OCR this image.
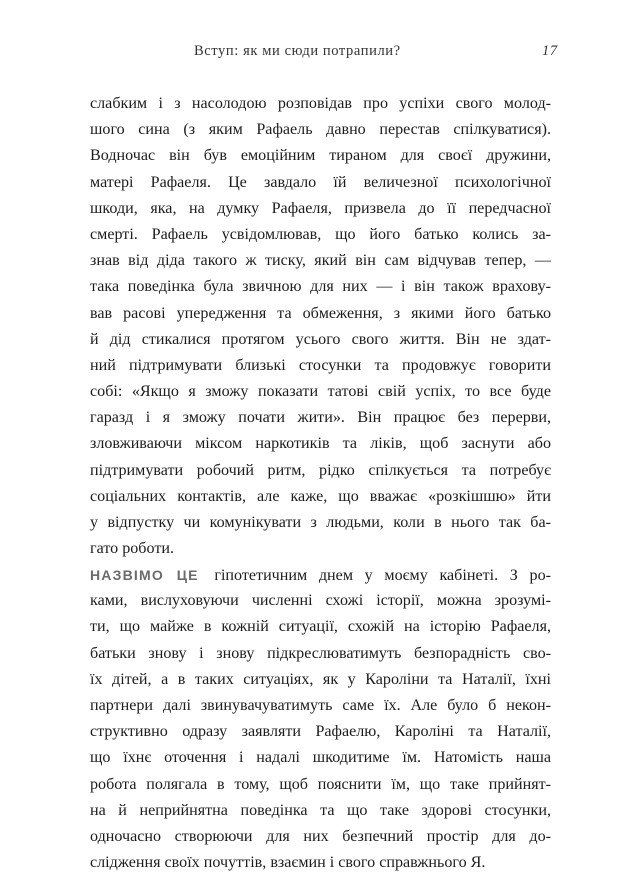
Вступ: як ми сюди потрапили?	17
слабким і з насолодою розповідав про успіхи свого молод-
шого сина (з яким Рафаель давно перестав спілкуватися).
Водночас він був емоційним тираном для своєї дружини,
матері Рафаеля. Це завдало їй величезної психологічної
шкоди, яка, на думку Рафаеля, призвела до її передчасної
смерті. Рафаель усвідомлював, що його батько колись за-
знав від діда такого ж тиску, який він сам відчував тепер, —
така поведінка була звичною для них — і він також врахову-
вав расові упередження та обмеження, з якими його батько
й дід стикалися протягом усього свого життя. Він не здат-
ний підтримувати близькі стосунки та продовжує говорити
собі: «Якщо я зможу показати татові свій успіх, то все буде
гаразд і я зможу почати жити». Він працює без перерви,
зловживаючи міксом наркотиків та ліків, щоб заснути або
підтримувати робочий ритм, рідко спілкується та потребує
соціальних контактів, але каже, що вважає «розкішшю» йти
у відпустку чи комунікувати з людьми, коли в нього так ба-
гато роботи.
НАЗВІМО ЦЕ гіпотетичним днем у моєму кабінеті. З ро-
ками, вислуховуючи численні схожі історії, можна зрозумі-
ти, що майже в кожній ситуації, схожій на історію Рафаеля,
батьки знову і знову підкреслюватимуть безпорадність сво-
їх дітей, а в таких ситуаціях, як у Кароліни та Наталії, їхні
партнери далі звинувачуватимуть саме їх. Але було б некон-
структивно одразу заявляти Рафаелю, Кароліні та Наталії,
що їхнє оточення і надалі шкодитиме їм. Натомість наша
робота полягала в тому, щоб пояснити їм, що таке прийнят-
на й неприйнятна поведінка та що таке здорові стосунки,
одночасно створюючи для них безпечний простір для до-
слідження своїх почуттів, взаємин і свого справжнього Я.
